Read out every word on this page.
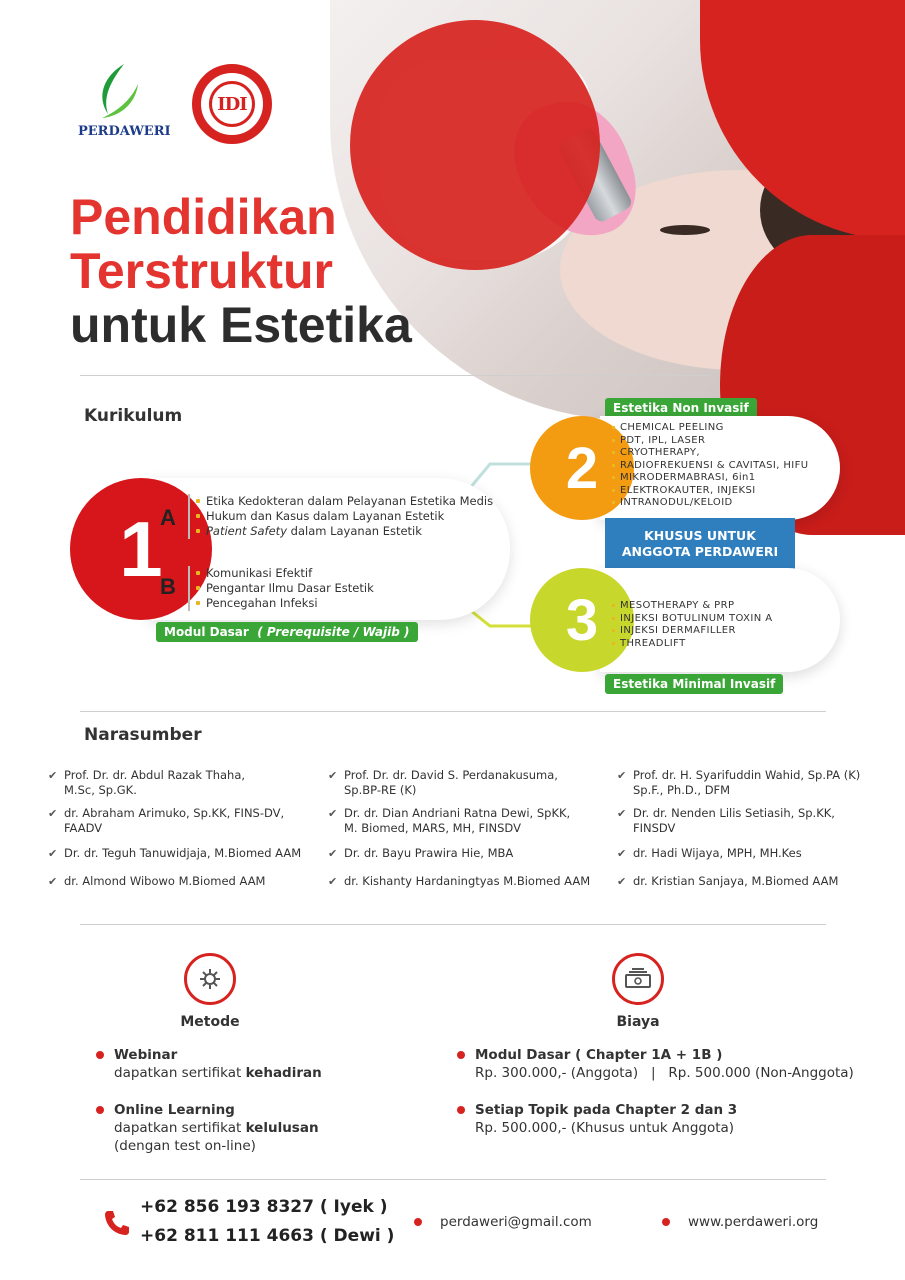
PERDAWERI
IDI
Pendidikan
Terstruktur
untuk Estetika
Kurikulum
1
A
Etika Kedokteran dalam Pelayanan Estetika Medis
Hukum dan Kasus dalam Layanan Estetik
Patient Safety dalam Layanan Estetik
B
Komunikasi Efektif
Pengantar Ilmu Dasar Estetik
Pencegahan Infeksi
Modul Dasar ( Prerequisite / Wajib )
Estetika Non Invasif
2
CHEMICAL PEELING
PDT, IPL, LASER
CRYOTHERAPY,
RADIOFREKUENSI & CAVITASI, HIFU
MIKRODERMABRASI, 6in1
ELEKTROKAUTER, INJEKSI
INTRANODUL/KELOID
KHUSUS UNTUK
ANGGOTA PERDAWERI
3	MESOTHERAPY & PRP
INJEKSI BOTULINUM TOXIN A
INJEKSI DERMAFILLER
THREADLIFT
Estetika Minimal Invasif
Narasumber
✔ Prof. Dr. dr. Abdul Razak Thaha,
M.Sc, Sp.GK.
✔ dr. Abraham Arimuko, Sp.KK, FINS-DV,
FAADV
✔ Dr. dr. Teguh Tanuwidjaja, M.Biomed AAM
✔ dr. Almond Wibowo M.Biomed AAM
✔ Prof. Dr. dr. David S. Perdanakusuma,
Sp.BP-RE (K)
✔ Dr. dr. Dian Andriani Ratna Dewi, SpKK,
M. Biomed, MARS, MH, FINSDV
✔ Dr. dr. Bayu Prawira Hie, MBA
✔ dr. Kishanty Hardaningtyas M.Biomed AAM
✔ Prof. dr. H. Syarifuddin Wahid, Sp.PA (K)
Sp.F., Ph.D., DFM
✔ Dr. dr. Nenden Lilis Setiasih, Sp.KK,
FINSDV
✔ dr. Hadi Wijaya, MPH, MH.Kes
✔ dr. Kristian Sanjaya, M.Biomed AAM
Metode
Webinar
dapatkan sertifikat kehadiran
Online Learning
dapatkan sertifikat kelulusan
(dengan test on-line)
Biaya
Modul Dasar ( Chapter 1A + 1B )
Rp. 300.000,- (Anggota)   |   Rp. 500.000 (Non-Anggota)
Setiap Topik pada Chapter 2 dan 3
Rp. 500.000,- (Khusus untuk Anggota)
+62 856 193 8327 ( Iyek )
+62 811 111 4663 ( Dewi )
perdaweri@gmail.com	www.perdaweri.org
